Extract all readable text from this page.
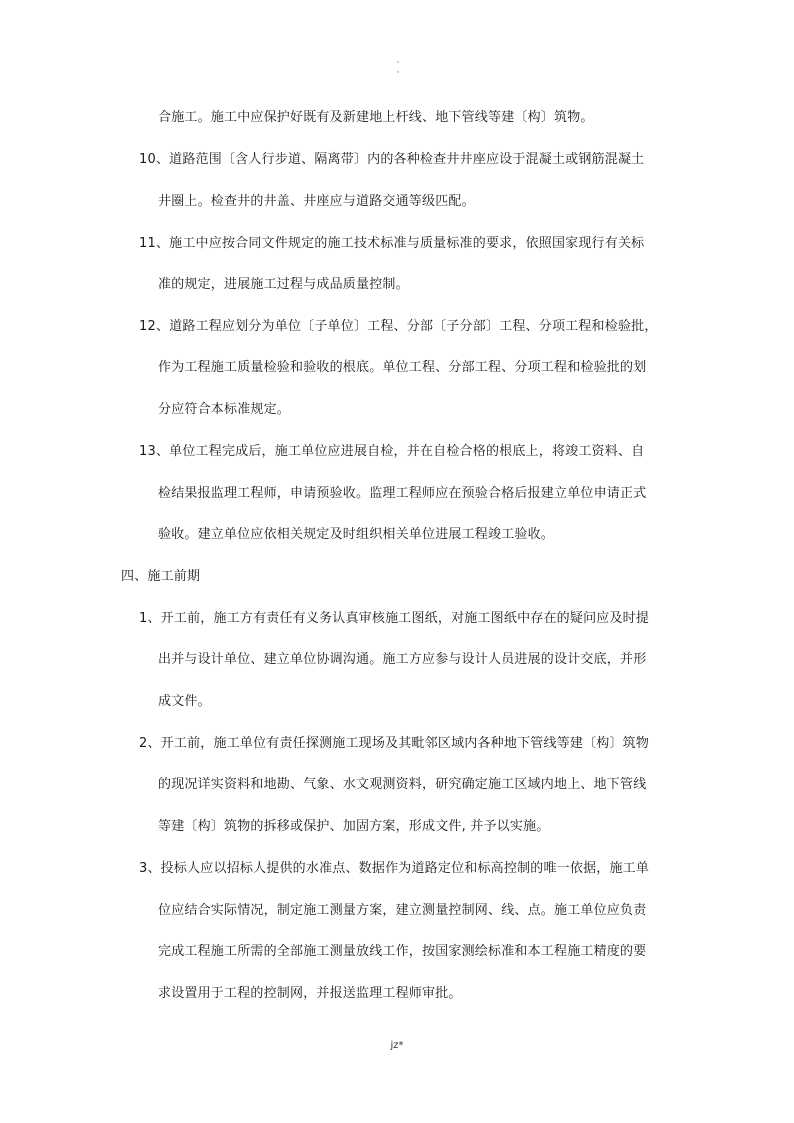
·
·
合施工。施工中应保护好既有及新建地上杆线、地下管线等建〔构〕筑物。
10、道路范围〔含人行步道、隔离带〕内的各种检查井井座应设于混凝土或钢筋混凝土
井圈上。检查井的井盖、井座应与道路交通等级匹配。
11、施工中应按合同文件规定的施工技术标准与质量标准的要求，依照国家现行有关标
准的规定，进展施工过程与成品质量控制。
12、道路工程应划分为单位〔子单位〕工程、分部〔子分部〕工程、分项工程和检验批，
作为工程施工质量检验和验收的根底。单位工程、分部工程、分项工程和检验批的划
分应符合本标准规定。
13、单位工程完成后，施工单位应进展自检，并在自检合格的根底上，将竣工资料、自
检结果报监理工程师，申请预验收。监理工程师应在预验合格后报建立单位申请正式
验收。建立单位应依相关规定及时组织相关单位进展工程竣工验收。
四、施工前期
1、开工前，施工方有责任有义务认真审核施工图纸，对施工图纸中存在的疑问应及时提
出并与设计单位、建立单位协调沟通。施工方应参与设计人员进展的设计交底，并形
成文件。
2、开工前，施工单位有责任探测施工现场及其毗邻区域内各种地下管线等建〔构〕筑物
的现况详实资料和地勘、气象、水文观测资料，研究确定施工区域内地上、地下管线
等建〔构〕筑物的拆移或保护、加固方案，形成文件, 并予以实施。
3、投标人应以招标人提供的水准点、数据作为道路定位和标高控制的唯一依据，施工单
位应结合实际情况，制定施工测量方案，建立测量控制网、线、点。施工单位应负责
完成工程施工所需的全部施工测量放线工作，按国家测绘标准和本工程施工精度的要
求设置用于工程的控制网，并报送监理工程师审批。
jz*
